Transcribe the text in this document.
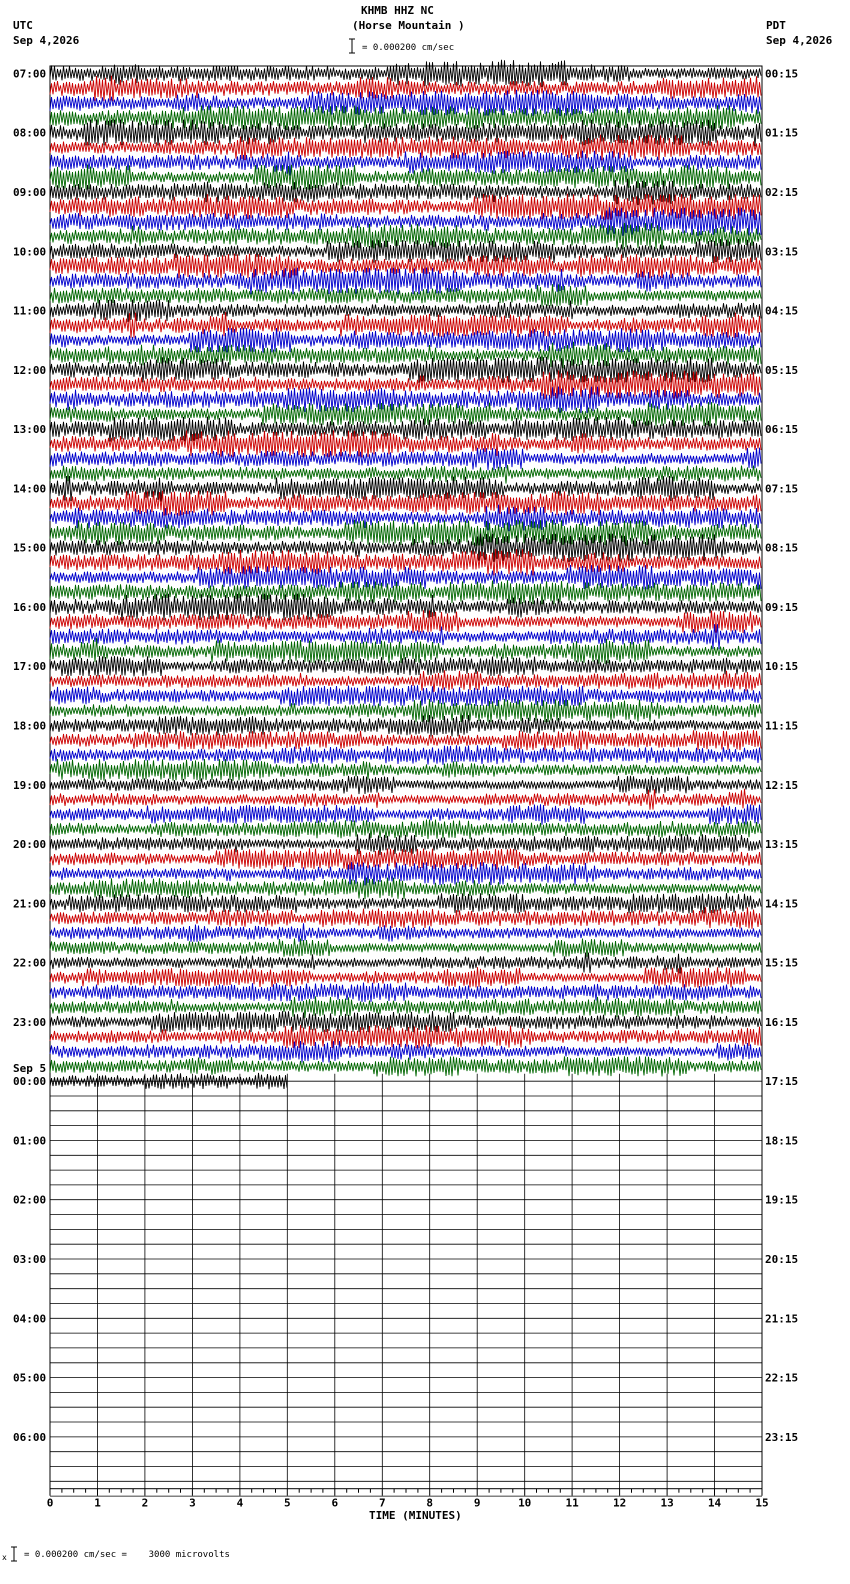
KHMB HHZ NC
(Horse Mountain )
UTC
Sep 4,2026
PDT
Sep 4,2026
= 0.000200 cm/sec
07:00
08:00
09:00
10:00
11:00
12:00
13:00
14:00
15:00
16:00
17:00
18:00
19:00
20:00
21:00
22:00
23:00
00:00
01:00
02:00
03:00
04:00
05:00
06:00
00:15
01:15
02:15
03:15
04:15
05:15
06:15
07:15
08:15
09:15
10:15
11:15
12:15
13:15
14:15
15:15
16:15
17:15
18:15
19:15
20:15
21:15
22:15
23:15
Sep 5
0	1	2	3	4	5	6	7	8	9	10	11	12	13	14	15
x = 0.000200 cm/sec =    3000 microvolts
TIME (MINUTES)
